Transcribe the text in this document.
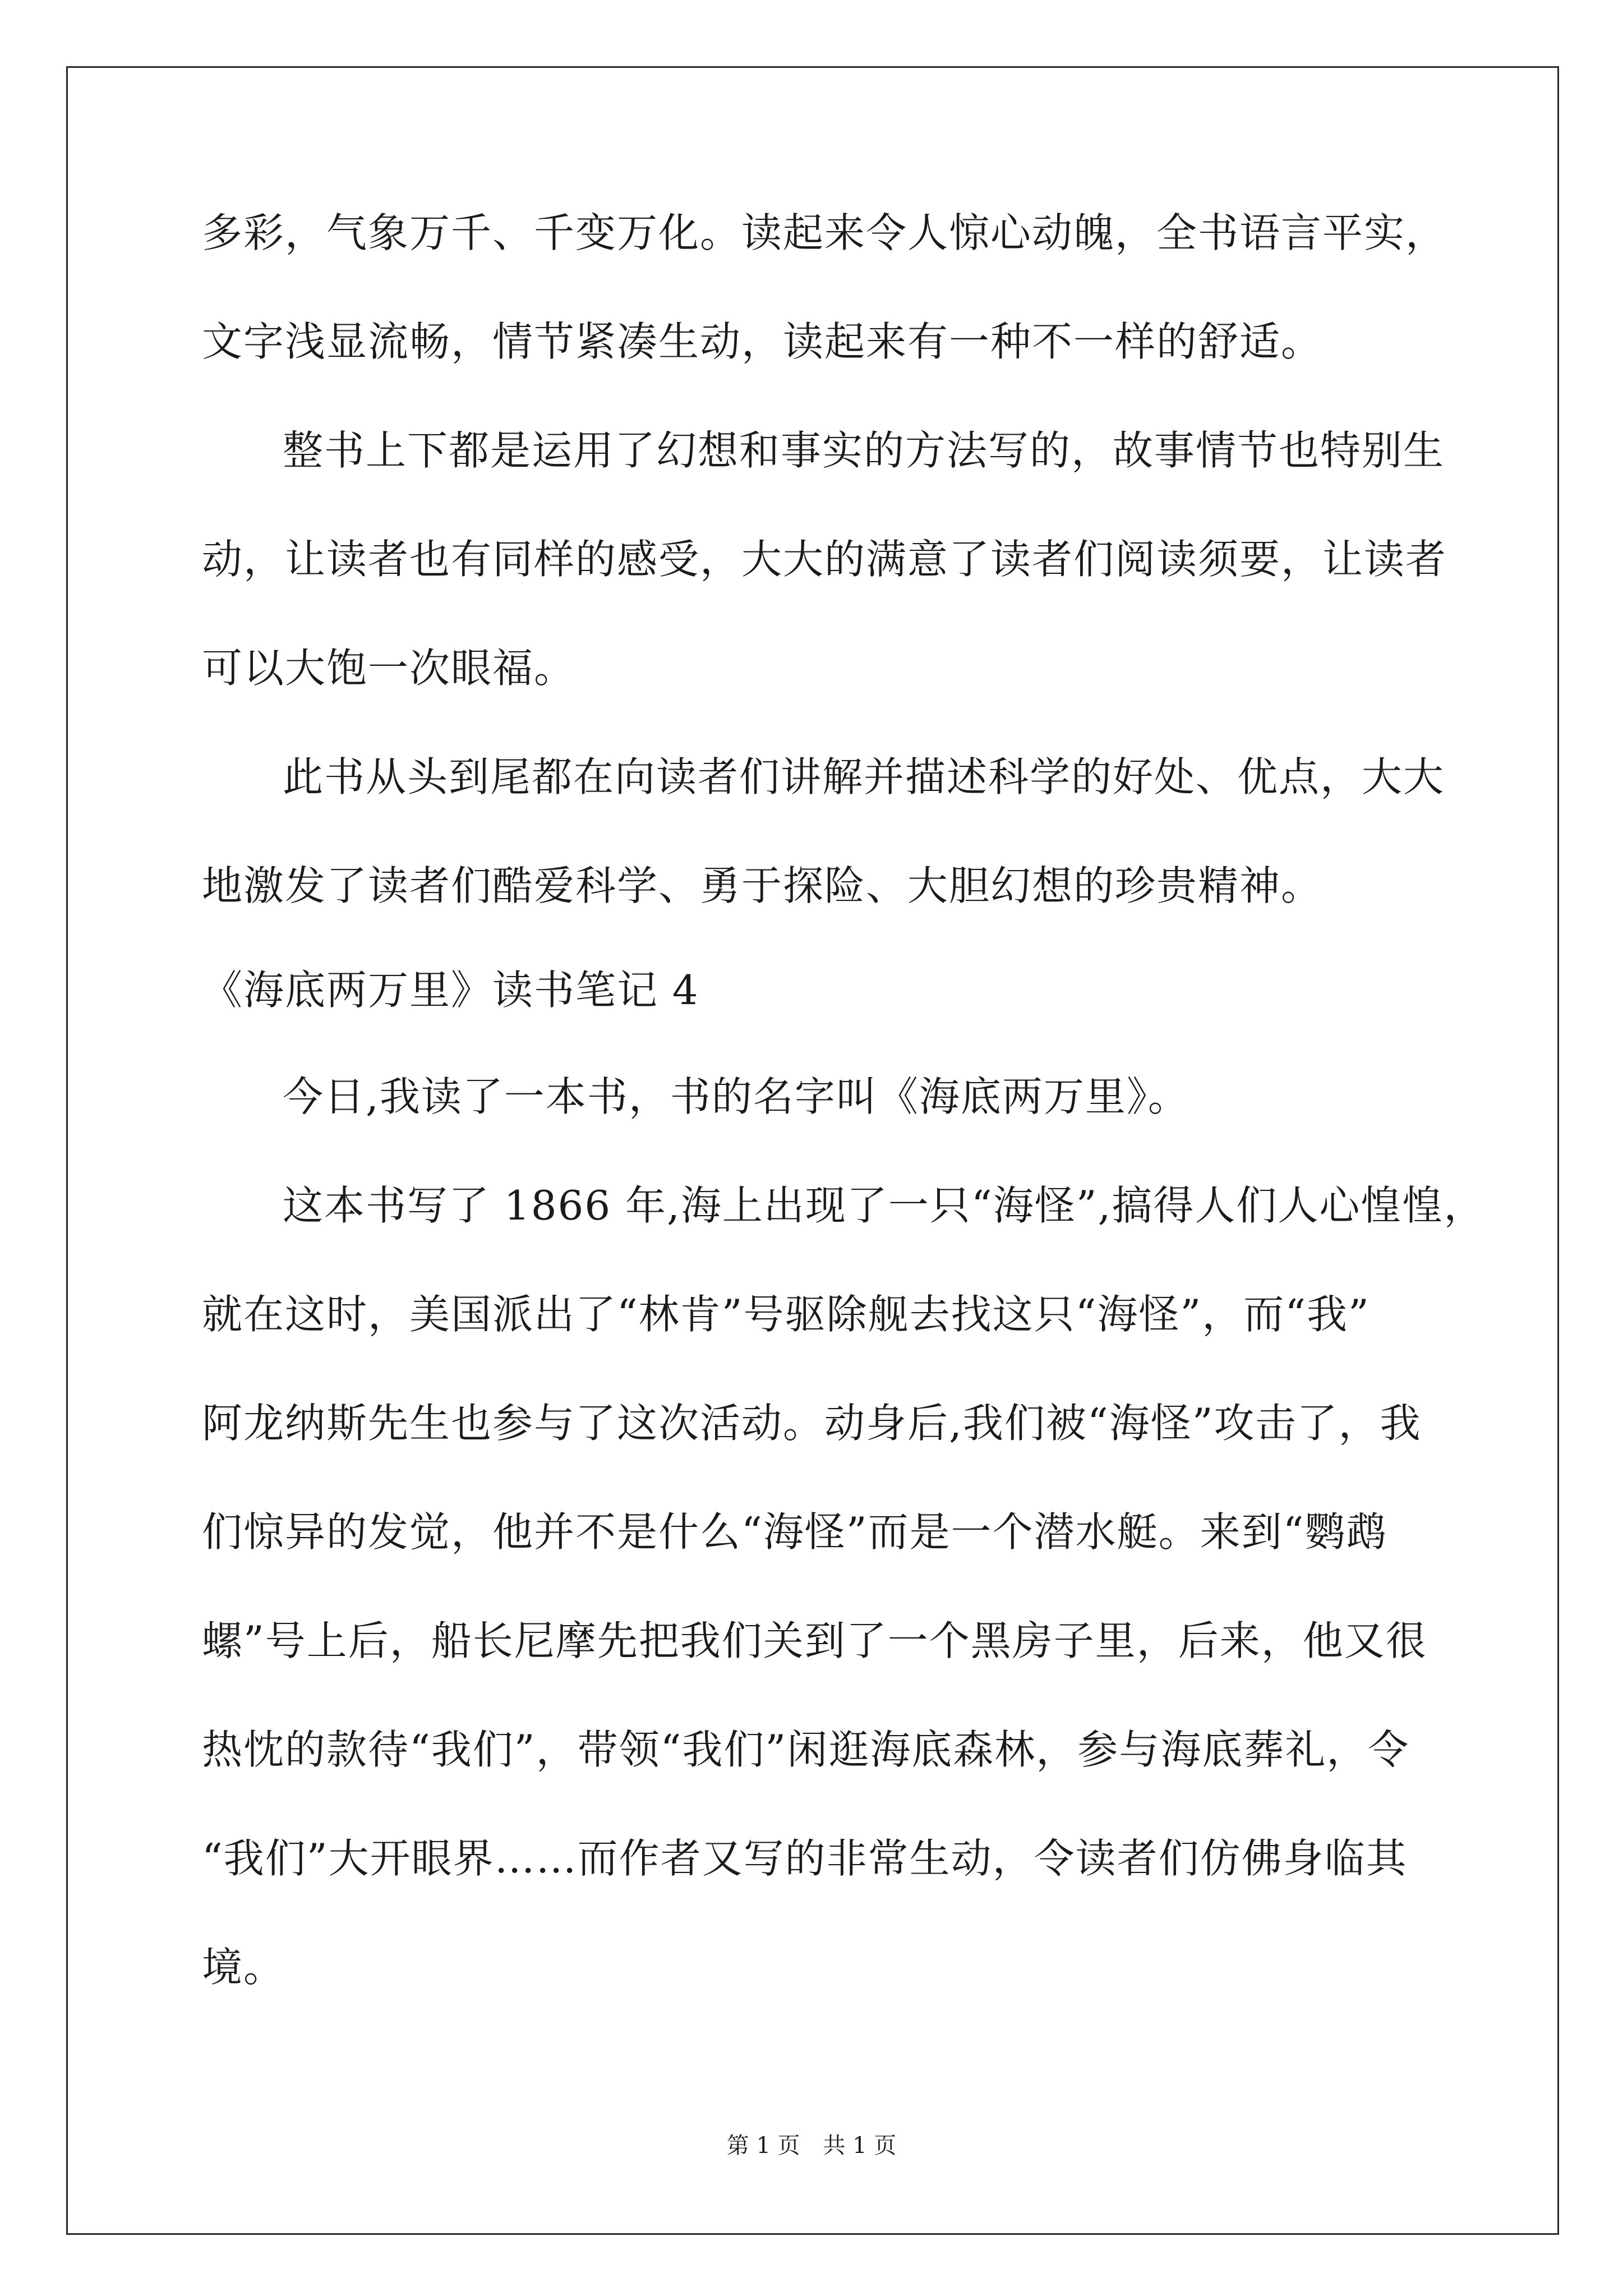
多彩，气象万千、千变万化。读起来令人惊心动魄，全书语言平实，
文字浅显流畅，情节紧凑生动，读起来有一种不一样的舒适。
整书上下都是运用了幻想和事实的方法写的，故事情节也特别生
动，让读者也有同样的感受，大大的满意了读者们阅读须要，让读者
可以大饱一次眼福。
此书从头到尾都在向读者们讲解并描述科学的好处、优点，大大
地激发了读者们酷爱科学、勇于探险、大胆幻想的珍贵精神。
《海底两万里》读书笔记 4
今日,我读了一本书，书的名字叫《海底两万里》。
这本书写了 1866 年,海上出现了一只“海怪”,搞得人们人心惶惶，
就在这时，美国派出了“林肯”号驱除舰去找这只“海怪”，而“我”
阿龙纳斯先生也参与了这次活动。动身后,我们被“海怪”攻击了，我
们惊异的发觉，他并不是什么“海怪”而是一个潜水艇。来到“鹦鹉
螺”号上后，船长尼摩先把我们关到了一个黑房子里，后来，他又很
热忱的款待“我们”，带领“我们”闲逛海底森林，参与海底葬礼，令
“我们”大开眼界……而作者又写的非常生动，令读者们仿佛身临其
境。
第 1 页 共 1 页
